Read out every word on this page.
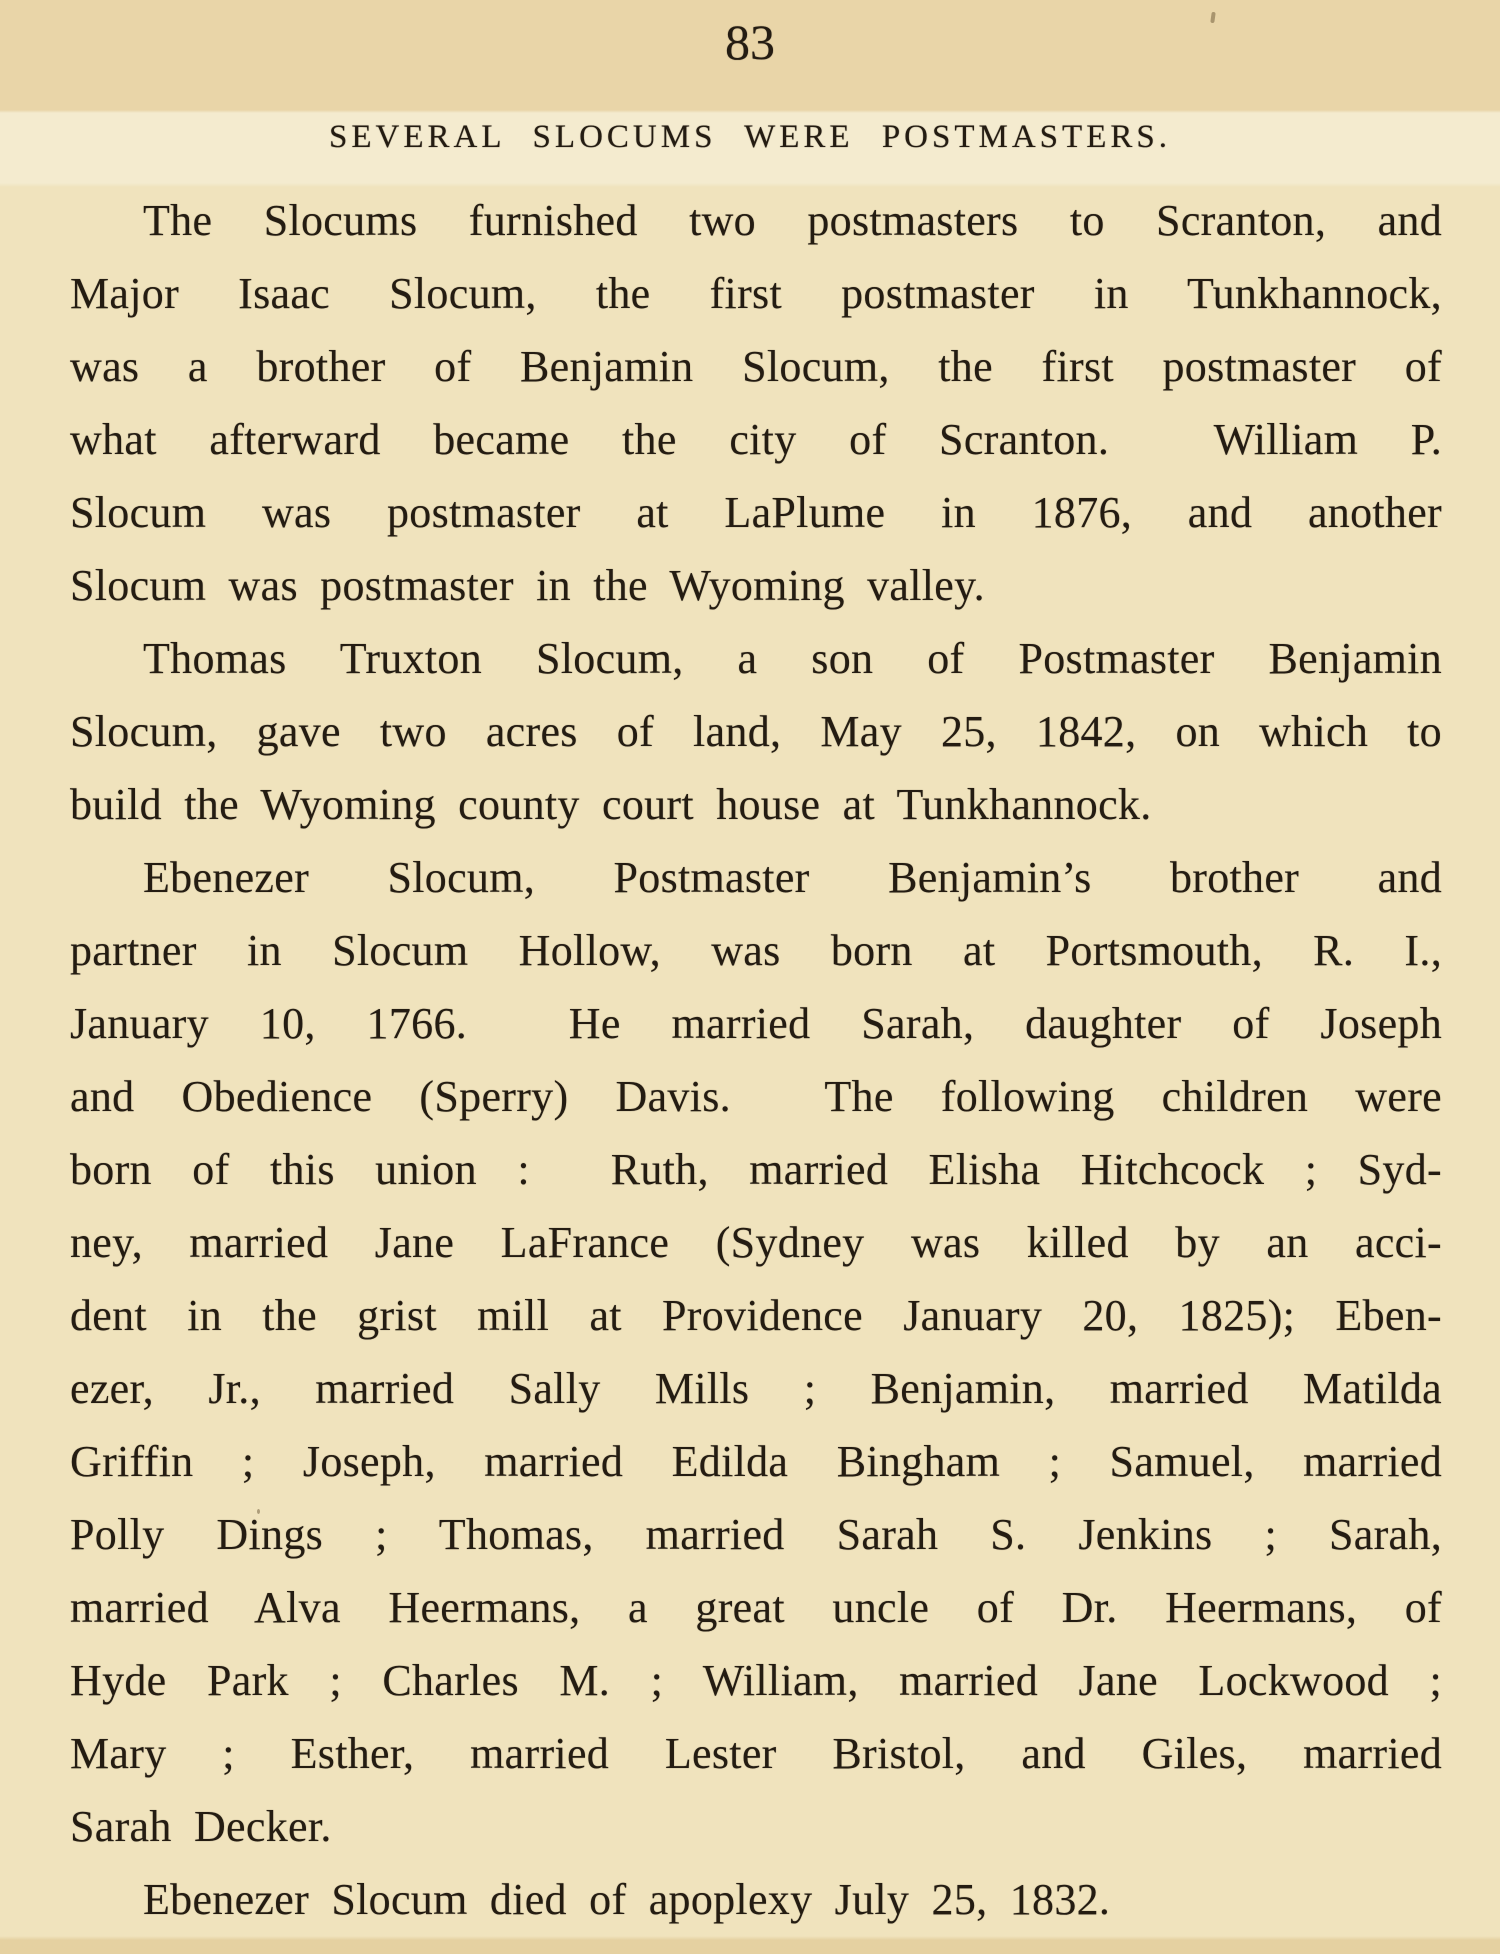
83
SEVERAL SLOCUMS WERE POSTMASTERS.
The Slocums furnished two postmasters to Scranton, and
Major Isaac Slocum, the first postmaster in Tunkhannock,
was a brother of Benjamin Slocum, the first postmaster of
what afterward became the city of Scranton.  William P.
Slocum was postmaster at LaPlume in 1876, and another
Slocum was postmaster in the Wyoming valley.
Thomas Truxton Slocum, a son of Postmaster Benjamin
Slocum, gave two acres of land, May 25, 1842, on which to
build the Wyoming county court house at Tunkhannock.
Ebenezer Slocum, Postmaster Benjamin’s brother and
partner in Slocum Hollow, was born at Portsmouth, R. I.,
January 10, 1766.  He married Sarah, daughter of Joseph
and Obedience (Sperry) Davis.  The following children were
born of this union :  Ruth, married Elisha Hitchcock ; Syd-
ney, married Jane LaFrance (Sydney was killed by an acci-
dent in the grist mill at Providence January 20, 1825); Eben-
ezer, Jr., married Sally Mills ; Benjamin, married Matilda
Griffin ; Joseph, married Edilda Bingham ; Samuel, married
Polly Dings ; Thomas, married Sarah S. Jenkins ; Sarah,
married Alva Heermans, a great uncle of Dr. Heermans, of
Hyde Park ; Charles M. ; William, married Jane Lockwood ;
Mary ; Esther, married Lester Bristol, and Giles, married
Sarah Decker.
Ebenezer Slocum died of apoplexy July 25, 1832.
